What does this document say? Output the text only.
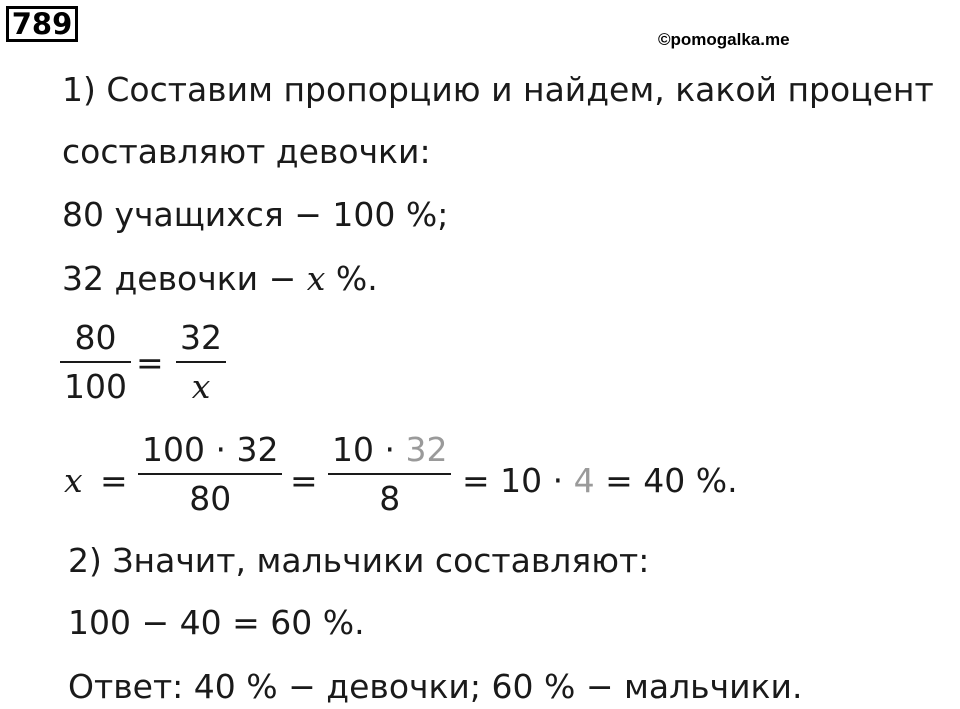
789	©pomogalka.me
1) Составим пропорцию и найдем, какой процент
составляют девочки:
80 учащихся − 100 %;
32 девочки − x %.
80
100
=
32
x
x =
100 · 32
80 =
10 · 32
8 = 10 · 4 = 40 %.
2) Значит, мальчики составляют:
100 − 40 = 60 %.
Ответ: 40 % − девочки; 60 % − мальчики.
